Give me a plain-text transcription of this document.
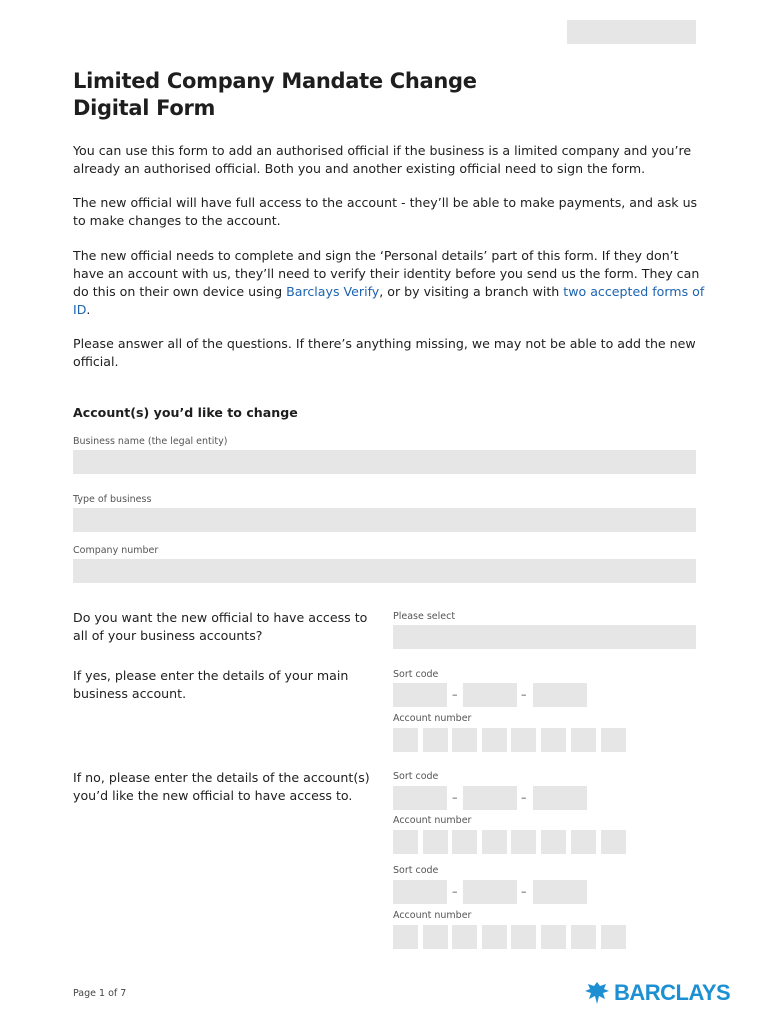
Limited Company Mandate Change
Digital Form
You can use this form to add an authorised official if the business is a limited company and you’re already an authorised official. Both you and another existing official need to sign the form.
The new official will have full access to the account - they’ll be able to make payments, and ask us to make changes to the account.
The new official needs to complete and sign the ‘Personal details’ part of this form. If they don’t have an account with us, they’ll need to verify their identity before you send us the form. They can do this on their own device using Barclays Verify, or by visiting a branch with two accepted forms of ID.
Please answer all of the questions. If there’s anything missing, we may not be able to add the new official.
Account(s) you’d like to change
Business name (the legal entity)
Type of business
Company number
Do you want the new official to have access to all of your business accounts?
Please select
If yes, please enter the details of your main business account.
Sort code
–	–
Account number
If no, please enter the details of the account(s) you’d like the new official to have access to.
Sort code
–	–
Account number
Sort code
–	–
Account number
Page 1 of 7	BARCLAYS
